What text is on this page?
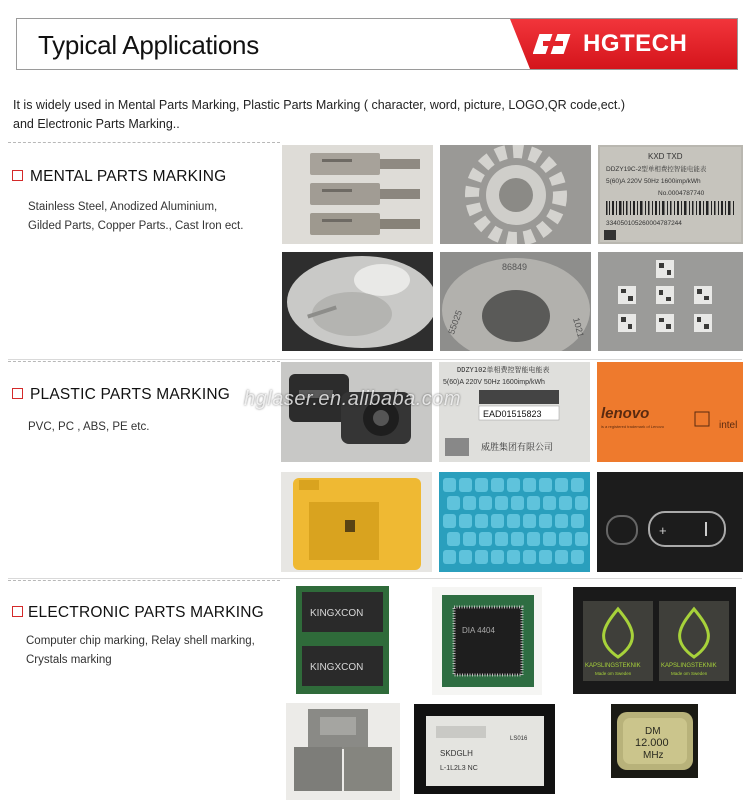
Typical Applications	HGTECH
It is widely used in Mental Parts Marking, Plastic Parts Marking ( character, word, picture, LOGO,QR code,ect.)
and Electronic Parts Marking..
MENTAL PARTS MARKING
Stainless Steel, Anodized Aluminium,
Gilded Parts, Copper Parts., Cast Iron ect.
KXD TXD
DDZY19C-2型单相费控智能电能表
5(60)A 220V 50Hz 1600imp/kWh
No.0004787740
334050105260004787244
86849
55025	1021
PLASTIC PARTS MARKING
PVC, PC , ABS, PE etc.
DDZY102单相费控智能电能表
5(60)A 220V 50Hz 1600imp/kWh
EAD01515823
威胜集团有限公司
lenovo
is a registered trademark of Lenovo	intel
+
ELECTRONIC PARTS MARKING
Computer chip marking, Relay shell marking,
Crystals marking
KINGXCON
KINGXCON
DIA 4404
KAPSLINGSTEKNIK	KAPSLINGSTEKNIK
Made om Sweden	Made om Sweden
SKDGLH
L-1L2L3 NC
LS016
DM
12.000
MHz
hglaser.en.alibaba.com
